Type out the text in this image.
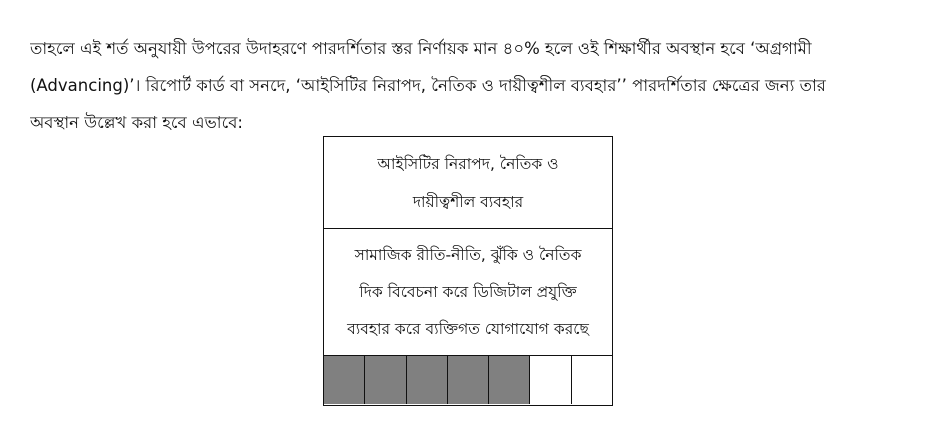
তাহলে এই শর্ত অনুযায়ী উপরের উদাহরণে পারদর্শিতার স্তর নির্ণায়ক মান ৪০% হলে ওই শিক্ষার্থীর অবস্থান হবে ‘অগ্রগামী
(Advancing)’। রিপোর্ট কার্ড বা সনদে, ‘আইসিটির নিরাপদ, নৈতিক ও দায়ীত্বশীল ব্যবহার’’ পারদর্শিতার ক্ষেত্রের জন্য তার
অবস্থান উল্লেখ করা হবে এভাবে:
আইসিটির নিরাপদ, নৈতিক ও
দায়ীত্বশীল ব্যবহার
সামাজিক রীতি-নীতি, ঝুঁকি ও নৈতিক
দিক বিবেচনা করে ডিজিটাল প্রযুক্তি
ব্যবহার করে ব্যক্তিগত যোগাযোগ করছে
